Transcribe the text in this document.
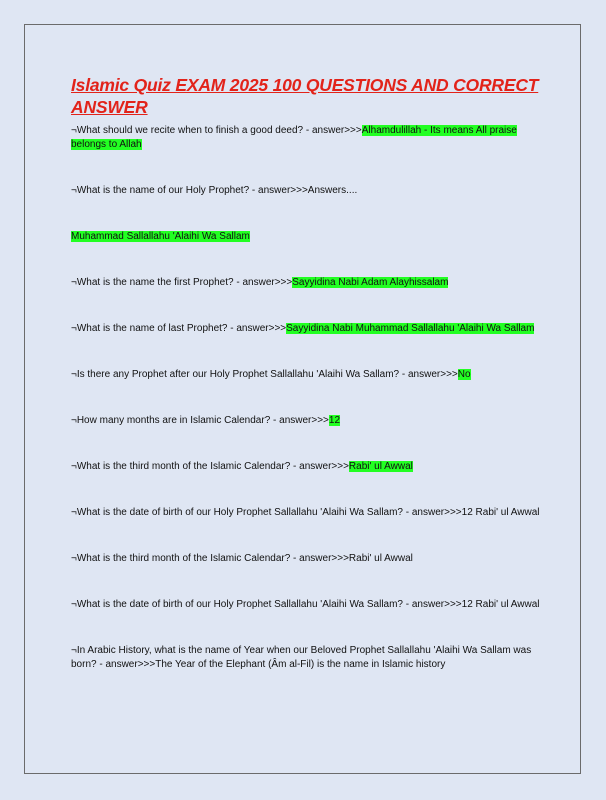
Islamic Quiz EXAM 2025 100 QUESTIONS AND CORRECT ANSWER

¬What should we recite when to finish a good deed? - answer>>>Alhamdulillah - Its means All praise belongs to Allah

¬What is the name of our Holy Prophet? - answer>>>Answers....

Muhammad Sallallahu 'Alaihi Wa Sallam

¬What is the name the first Prophet? - answer>>>Sayyidina Nabi Adam Alayhissalam

¬What is the name of last Prophet? - answer>>>Sayyidina Nabi Muhammad Sallallahu 'Alaihi Wa Sallam

¬Is there any Prophet after our Holy Prophet Sallallahu 'Alaihi Wa Sallam? - answer>>>No

¬How many months are in Islamic Calendar? - answer>>>12

¬What is the third month of the Islamic Calendar? - answer>>>Rabi' ul Awwal

¬What is the date of birth of our Holy Prophet Sallallahu 'Alaihi Wa Sallam? - answer>>>12 Rabi' ul Awwal

¬What is the third month of the Islamic Calendar? - answer>>>Rabi' ul Awwal

¬What is the date of birth of our Holy Prophet Sallallahu 'Alaihi Wa Sallam? - answer>>>12 Rabi' ul Awwal

¬In Arabic History, what is the name of Year when our Beloved Prophet Sallallahu 'Alaihi Wa Sallam was born? - answer>>>The Year of the Elephant (Âm al-Fil) is the name in Islamic history
